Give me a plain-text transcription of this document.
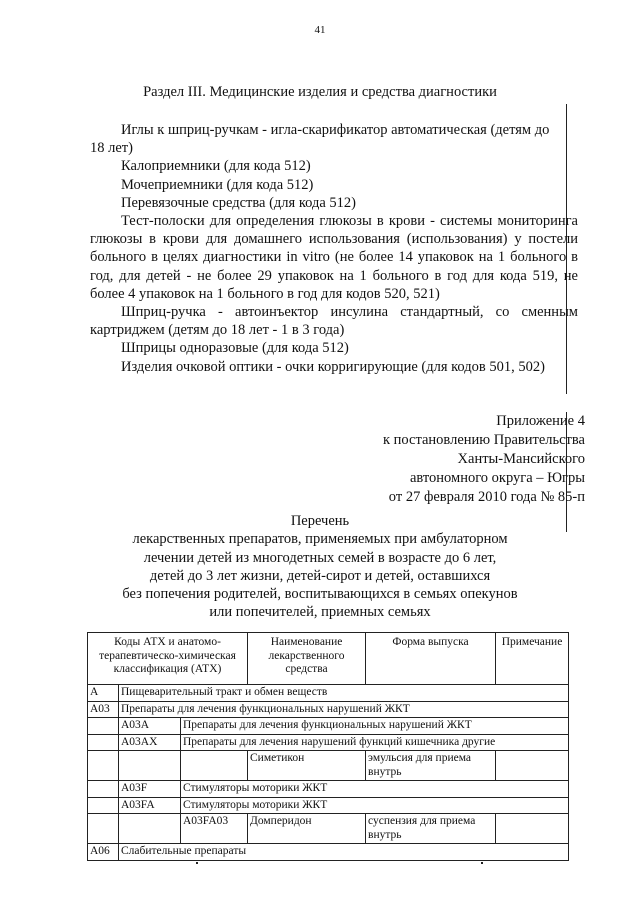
41
Раздел III. Медицинские изделия и средства диагностики

Иглы к шприц-ручкам - игла-скарификатор автоматическая (детям до

18 лет)

Калоприемники (для кода 512)

Мочеприемники (для кода 512)

Перевязочные средства (для кода 512)

Тест-полоски для определения глюкозы в крови - системы мониторинга глюкозы в крови для домашнего использования (использования) у постели больного в целях диагностики in vitro (не более 14 упаковок на 1 больного в год, для детей - не более 29 упаковок на 1 больного в год для кода 519, не более 4 упаковок на 1 больного в год для кодов 520, 521)

Шприц-ручка - автоинъектор инсулина стандартный, со сменным картриджем (детям до 18 лет - 1 в 3 года)

Шприцы одноразовые (для кода 512)

Изделия очковой оптики - очки корригирующие (для кодов 501, 502)

Приложение 4
к постановлению Правительства
Ханты-Мансийского
автономного округа – Югры
от 27 февраля 2010 года № 85-п
Перечень
лекарственных препаратов, применяемых при амбулаторном
лечении детей из многодетных семей в возрасте до 6 лет,
детей до 3 лет жизни, детей-сирот и детей, оставшихся
без попечения родителей, воспитывающихся в семьях опекунов
или попечителей, приемных семьях
Коды АТХ и анатомо-терапевтическо-химическая классификация (АТХ)			Наименование лекарственного средства	Форма выпуска	Примечание
A	Пищеварительный тракт и обмен веществ				
A03	Препараты для лечения функциональных нарушений ЖКТ				
	A03A	Препараты для лечения функциональных нарушений ЖКТ			
	A03AX	Препараты для лечения нарушений функций кишечника другие			
			Симетикон	эмульсия для приема внутрь	
	A03F	Стимуляторы моторики ЖКТ			
	A03FA	Стимуляторы моторики ЖКТ			
		A03FA03	Домперидон	суспензия для приема внутрь	
A06	Слабительные препараты				
